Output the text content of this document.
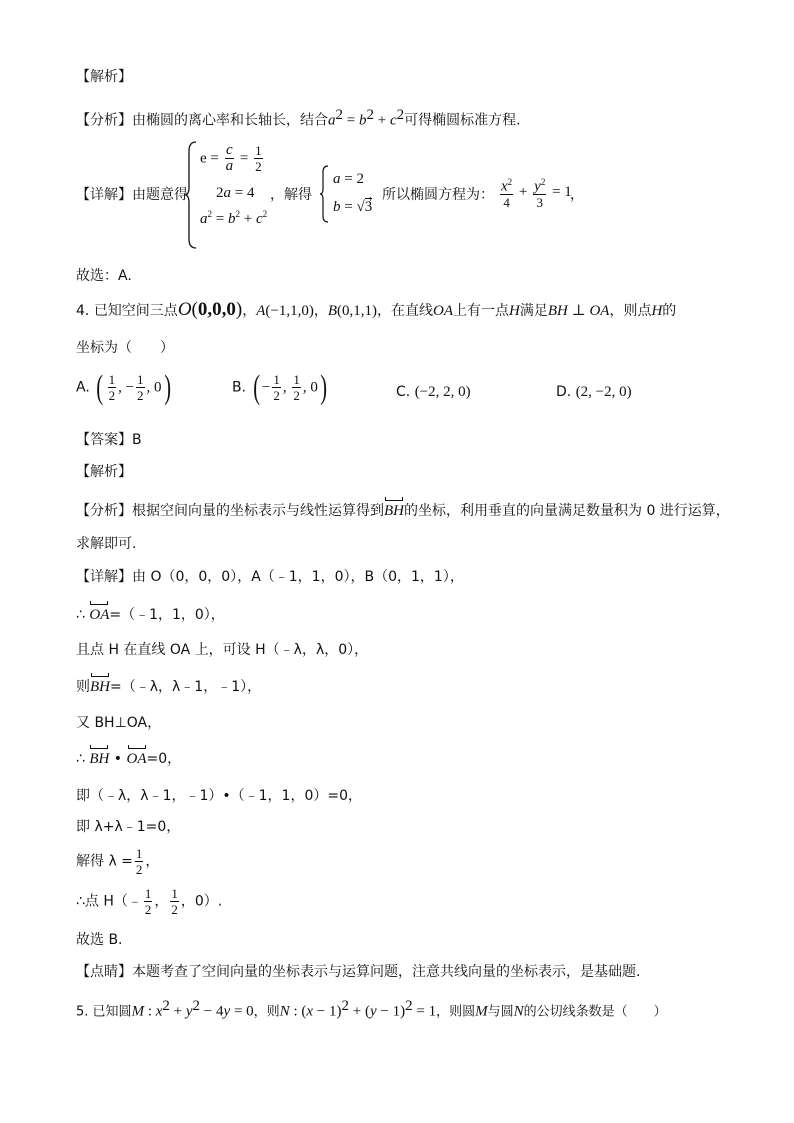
【解析】
【分析】由椭圆的离心率和长轴长，结合$a^2 = b^2 + c^2$可得椭圆标准方程.
【详解】 由题意得
$e = \frac{c}{a} = \frac{1}{2}$
2a = 4
$a^2 = b^2 + c^2$
，解得
a = 2
b = √3
，所以椭圆方程为： $\frac{x^2}{4} + \frac{y^2}{3} = 1$
，
故选：A.
4. 已知空间三点O(0,0,0)，A(−1,1,0)，B(0,1,1)，在直线OA上有一点H满足BH ⊥ OA，则点H的
坐标为（　　）
A. ( $\frac{1}{2}$ , − $\frac{1}{2}$ , 0)	B. ( − $\frac{1}{2}$ , $\frac{1}{2}$ , 0)	C. (−2, 2, 0)	D. (2, −2, 0)
【答案】B
【解析】
【分析】根据空间向量的坐标表示与线性运算得到BH的坐标，利用垂直的向量满足数量积为 0 进行运算，
求解即可.
【详解】由 O（0，0，0），A（﹣1，1，0），B（0，1，1），
∴ OA=（﹣1，1，0），
且点 H 在直线 OA 上，可设 H（﹣λ，λ，0），
则BH=（﹣λ，λ﹣1，﹣1），
又 BH⊥OA，
∴ BH • OA=0，
即（﹣λ，λ﹣1，﹣1）•（﹣1，1，0）=0，
即 λ+λ﹣1=0，
解得 $\lambda = \frac{1}{2}$ ，
∴点 H（﹣ $\frac{1}{2}$ ， $\frac{1}{2}$ ，0）.
故选 B.
【点睛】本题考查了空间向量的坐标表示与运算问题，注意共线向量的坐标表示，是基础题.
5. 已知圆M : $x^2 + y^2 - 4y = 0$，则N : $(x - 1)^2 + (y - 1)^2 = 1$，则圆M与圆N的公切线条数是（　　）
